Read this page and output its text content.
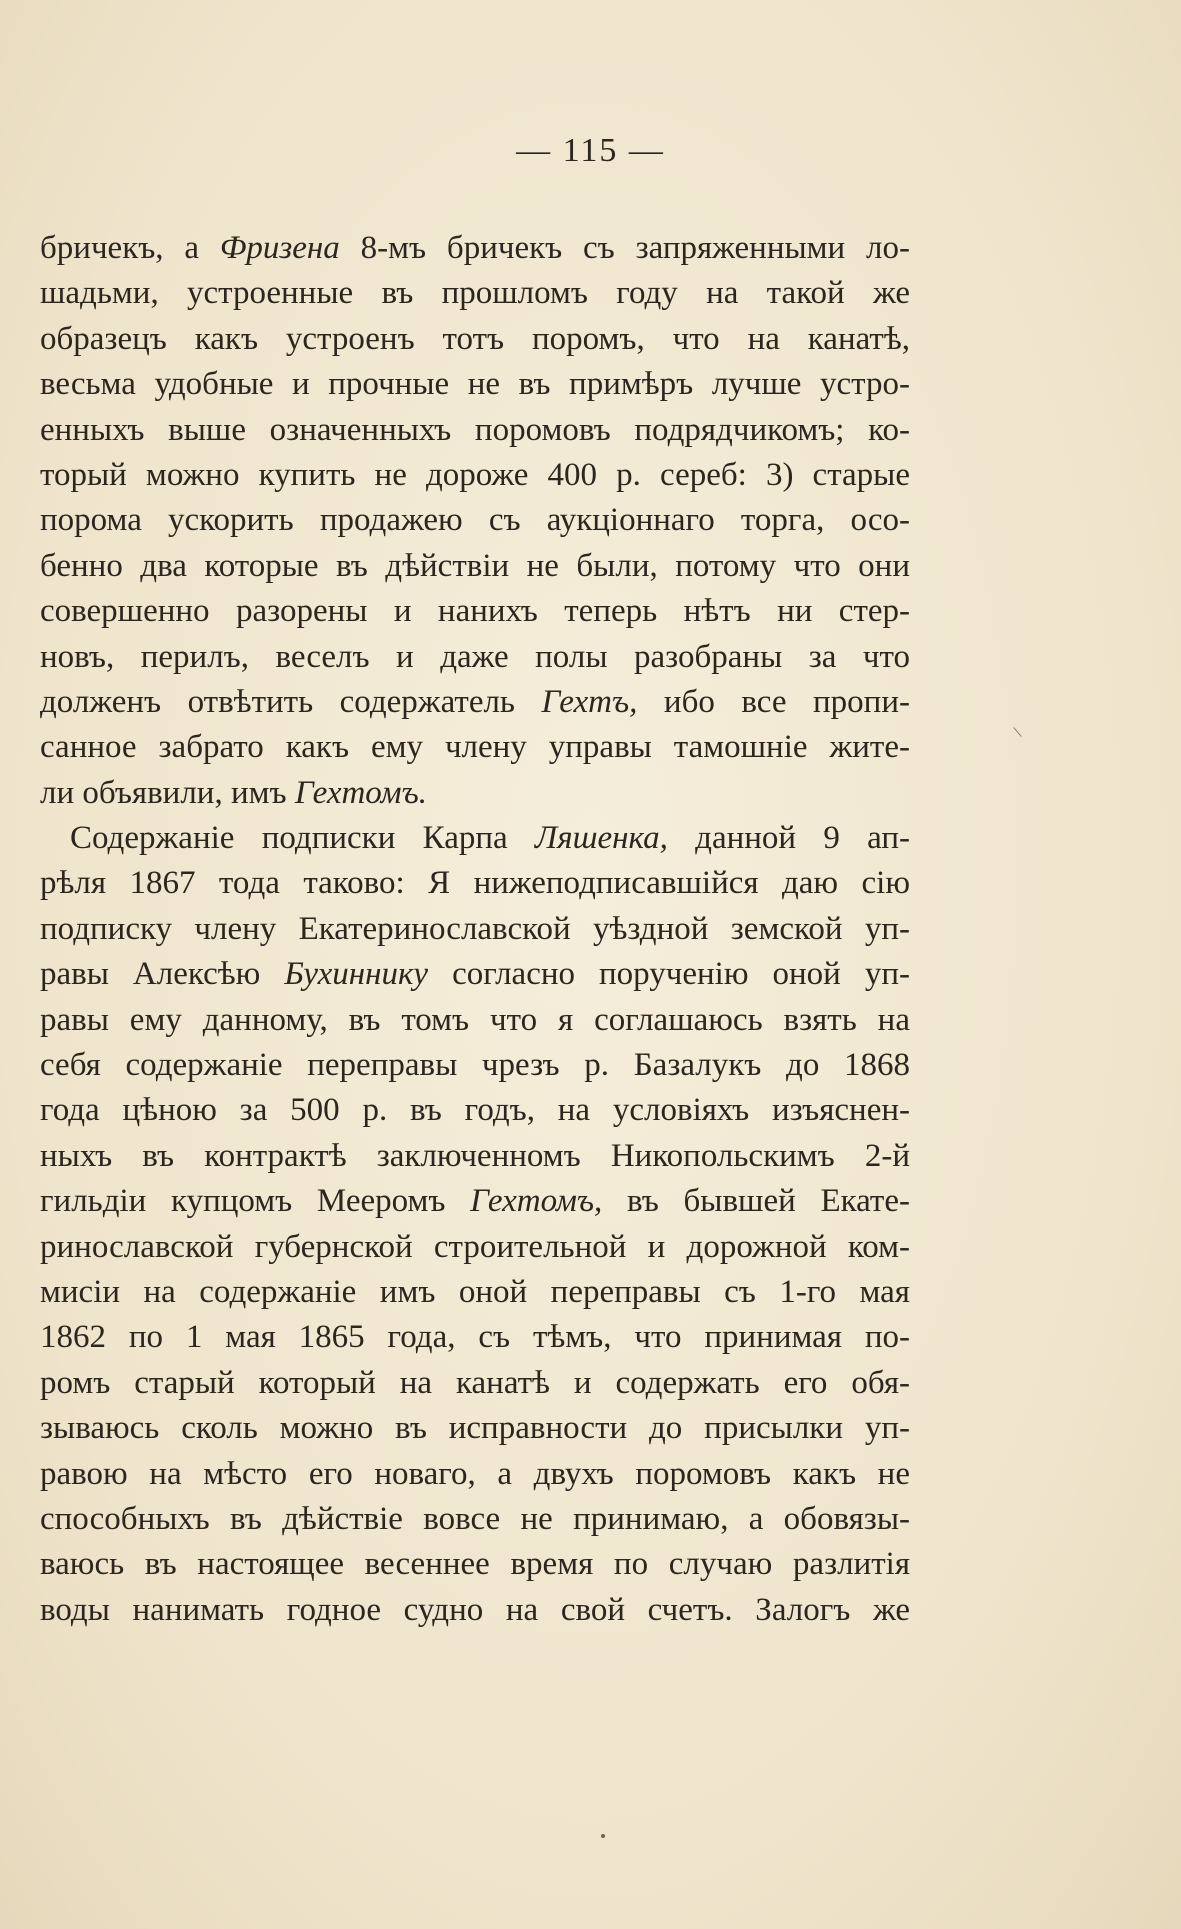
— 115 —
бричекъ, а Фризена 8-мъ бричекъ съ запряженными ло-
шадьми, устроенные въ прошломъ году на такой же
образецъ какъ устроенъ тотъ поромъ, что на канатѣ,
весьма удобные и прочные не въ примѣръ лучше устро-
енныхъ выше означенныхъ поромовъ подрядчикомъ; ко-
торый можно купить не дороже 400 р. сереб: 3) старые
порома ускорить продажею съ аукціоннаго торга, осо-
бенно два которые въ дѣйствіи не были, потому что они
совершенно разорены и нанихъ теперь нѣтъ ни стер-
новъ, перилъ, веселъ и даже полы разобраны за что
долженъ отвѣтить содержатель Гехтъ, ибо все пропи-
санное забрато какъ ему члену управы тамошніе жите-
ли объявили, имъ Гехтомъ.
Содержаніе подписки Карпа Ляшенка, данной 9 ап-
рѣля 1867 тода таково: Я нижеподписавшійся даю сію
подписку члену Екатеринославской уѣздной земской уп-
равы Алексѣю Бухиннику согласно порученію оной уп-
равы ему данному, въ томъ что я соглашаюсь взять на
себя содержаніе переправы чрезъ р. Базалукъ до 1868
года цѣною за 500 р. въ годъ, на условіяхъ изъяснен-
ныхъ въ контрактѣ заключенномъ Никопольскимъ 2-й
гильдіи купцомъ Мееромъ Гехтомъ, въ бывшей Екате-
ринославской губернской строительной и дорожной ком-
мисіи на содержаніе имъ оной переправы съ 1-го мая
1862 по 1 мая 1865 года, съ тѣмъ, что принимая по-
ромъ старый который на канатѣ и содержать его обя-
зываюсь сколь можно въ исправности до присылки уп-
равою на мѣсто его новаго, а двухъ поромовъ какъ не
способныхъ въ дѣйствіе вовсе не принимаю, а обовязы-
ваюсь въ настоящее весеннее время по случаю разлитія
воды нанимать годное судно на свой счетъ. Залогъ же
